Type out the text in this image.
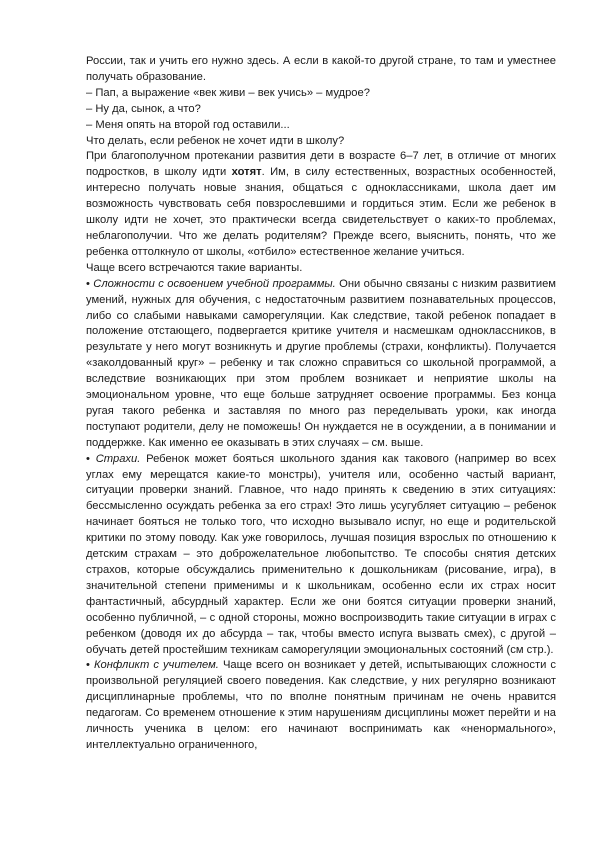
России, так и учить его нужно здесь. А если в какой-то другой стране, то там и уместнее получать образование.

– Пап, а выражение «век живи – век учись» – мудрое?

– Ну да, сынок, а что?

– Меня опять на второй год оставили...

Что делать, если ребенок не хочет идти в школу?

При благополучном протекании развития дети в возрасте 6–7 лет, в отличие от многих подростков, в школу идти хотят. Им, в силу естественных, возрастных особенностей, интересно получать новые знания, общаться с одноклассниками, школа дает им возможность чувствовать себя повзрослевшими и гордиться этим. Если же ребенок в школу идти не хочет, это практически всегда свидетельствует о каких-то проблемах, неблагополучии. Что же делать родителям? Прежде всего, выяснить, понять, что же ребенка оттолкнуло от школы, «отбило» естественное желание учиться.

Чаще всего встречаются такие варианты.

• Сложности с освоением учебной программы. Они обычно связаны с низким развитием умений, нужных для обучения, с недостаточным развитием познавательных процессов, либо со слабыми навыками саморегуляции. Как следствие, такой ребенок попадает в положение отстающего, подвергается критике учителя и насмешкам одноклассников, в результате у него могут возникнуть и другие проблемы (страхи, конфликты). Получается «заколдованный круг» – ребенку и так сложно справиться со школьной программой, а вследствие возникающих при этом проблем возникает и неприятие школы на эмоциональном уровне, что еще больше затрудняет освоение программы. Без конца ругая такого ребенка и заставляя по много раз переделывать уроки, как иногда поступают родители, делу не поможешь! Он нуждается не в осуждении, а в понимании и поддержке. Как именно ее оказывать в этих случаях – см. выше.

• Страхи. Ребенок может бояться школьного здания как такового (например во всех углах ему мерещатся какие-то монстры), учителя или, особенно частый вариант, ситуации проверки знаний. Главное, что надо принять к сведению в этих ситуациях: бессмысленно осуждать ребенка за его страх! Это лишь усугубляет ситуацию – ребенок начинает бояться не только того, что исходно вызывало испуг, но еще и родительской критики по этому поводу. Как уже говорилось, лучшая позиция взрослых по отношению к детским страхам – это доброжелательное любопытство. Те способы снятия детских страхов, которые обсуждались применительно к дошкольникам (рисование, игра), в значительной степени применимы и к школьникам, особенно если их страх носит фантастичный, абсурдный характер. Если же они боятся ситуации проверки знаний, особенно публичной, – с одной стороны, можно воспроизводить такие ситуации в играх с ребенком (доводя их до абсурда – так, чтобы вместо испуга вызвать смех), с другой – обучать детей простейшим техникам саморегуляции эмоциональных состояний (см стр.).

• Конфликт с учителем. Чаще всего он возникает у детей, испытывающих сложности с произвольной регуляцией своего поведения. Как следствие, у них регулярно возникают дисциплинарные проблемы, что по вполне понятным причинам не очень нравится педагогам. Со временем отношение к этим нарушениям дисциплины может перейти и на личность ученика в целом: его начинают воспринимать как «ненормального», интеллектуально ограниченного,
